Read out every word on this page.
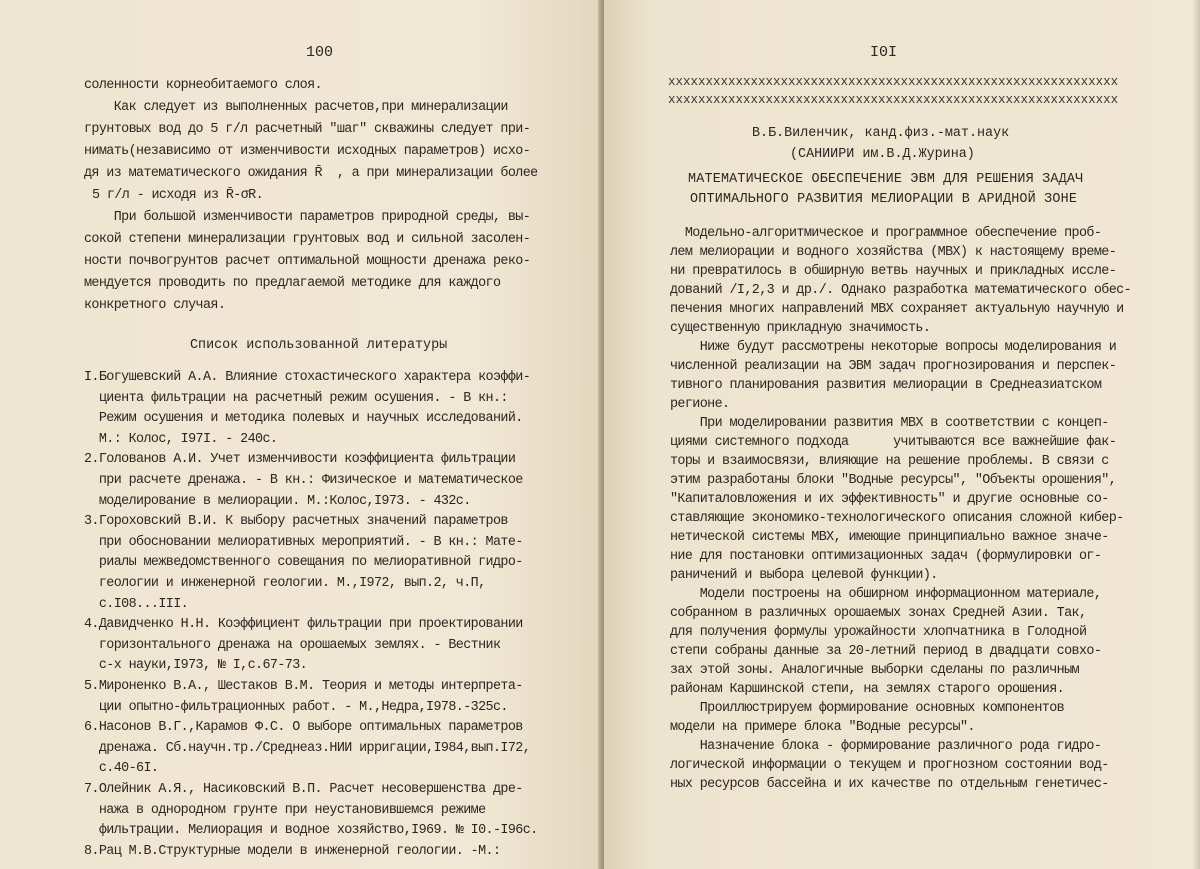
100
соленности корнеобитаемого слоя.
Как следует из выполненных расчетов,при минерализации
грунтовых вод до 5 г/л расчетный "шаг" скважины следует при-
нимать(независимо от изменчивости исходных параметров) исхо-
дя из математического ожидания R̄  , а при минерализации более
5 г/л - исходя из R̄-σR.
При большой изменчивости параметров природной среды, вы-
сокой степени минерализации грунтовых вод и сильной засолен-
ности почвогрунтов расчет оптимальной мощности дренажа реко-
мендуется проводить по предлагаемой методике для каждого
конкретного случая.
Список использованной литературы
I.Богушевский А.А. Влияние стохастического характера коэффи-
циента фильтрации на расчетный режим осушения. - В кн.:
Режим осушения и методика полевых и научных исследований.
М.: Колос, I97I. - 240с.
2.Голованов А.И. Учет изменчивости коэффициента фильтрации
при расчете дренажа. - В кн.: Физическое и математическое
моделирование в мелиорации. М.:Колос,I973. - 432с.
3.Гороховский В.И. К выбору расчетных значений параметров
при обосновании мелиоративных мероприятий. - В кн.: Мате-
риалы межведомственного совещания по мелиоративной гидро-
геологии и инженерной геологии. М.,I972, вып.2, ч.П,
с.I08...III.
4.Давидченко Н.Н. Коэффициент фильтрации при проектировании
горизонтального дренажа на орошаемых землях. - Вестник
с-х науки,I973, № I,с.67-73.
5.Мироненко В.А., Шестаков В.М. Теория и методы интерпрета-
ции опытно-фильтрационных работ. - М.,Недра,I978.-325с.
6.Насонов В.Г.,Карамов Ф.С. О выборе оптимальных параметров
дренажа. Сб.научн.тр./Среднеаз.НИИ ирригации,I984,вып.I72,
с.40-6I.
7.Олейник А.Я., Насиковский В.П. Расчет несовершенства дре-
нажа в однородном грунте при неустановившемся режиме
фильтрации. Мелиорация и водное хозяйство,I969. № I0.-I96с.
8.Рац М.В.Структурные модели в инженерной геологии. -М.:
I0I
xxxxxxxxxxxxxxxxxxxxxxxxxxxxxxxxxxxxxxxxxxxxxxxxxxxxxxxxxxxx
xxxxxxxxxxxxxxxxxxxxxxxxxxxxxxxxxxxxxxxxxxxxxxxxxxxxxxxxxxxx
В.Б.Виленчик, канд.физ.-мат.наук
(САНИИРИ им.В.Д.Журина)
МАТЕМАТИЧЕСКОЕ ОБЕСПЕЧЕНИЕ ЭВМ ДЛЯ РЕШЕНИЯ ЗАДАЧ
ОПТИМАЛЬНОГО РАЗВИТИЯ МЕЛИОРАЦИИ В АРИДНОЙ ЗОНЕ
Модельно-алгоритмическое и программное обеспечение проб-
лем мелиорации и водного хозяйства (МВХ) к настоящему време-
ни превратилось в обширную ветвь научных и прикладных иссле-
дований /I,2,3 и др./. Однако разработка математического обес-
печения многих направлений МВХ сохраняет актуальную научную и
существенную прикладную значимость.
Ниже будут рассмотрены некоторые вопросы моделирования и
численной реализации на ЭВМ задач прогнозирования и перспек-
тивного планирования развития мелиорации в Среднеазиатском
регионе.
При моделировании развития МВХ в соответствии с концеп-
циями системного подхода      учитываются все важнейшие фак-
торы и взаимосвязи, влияющие на решение проблемы. В связи с
этим разработаны блоки "Водные ресурсы", "Объекты орошения",
"Капиталовложения и их эффективность" и другие основные со-
ставляющие экономико-технологического описания сложной кибер-
нетической системы МВХ, имеющие принципиально важное значе-
ние для постановки оптимизационных задач (формулировки ог-
раничений и выбора целевой функции).
Модели построены на обширном информационном материале,
собранном в различных орошаемых зонах Средней Азии. Так,
для получения формулы урожайности хлопчатника в Голодной
степи собраны данные за 20-летний период в двадцати совхо-
зах этой зоны. Аналогичные выборки сделаны по различным
районам Каршинской степи, на землях старого орошения.
Проиллюстрируем формирование основных компонентов
модели на примере блока "Водные ресурсы".
Назначение блока - формирование различного рода гидро-
логической информации о текущем и прогнозном состоянии вод-
ных ресурсов бассейна и их качестве по отдельным генетичес-
